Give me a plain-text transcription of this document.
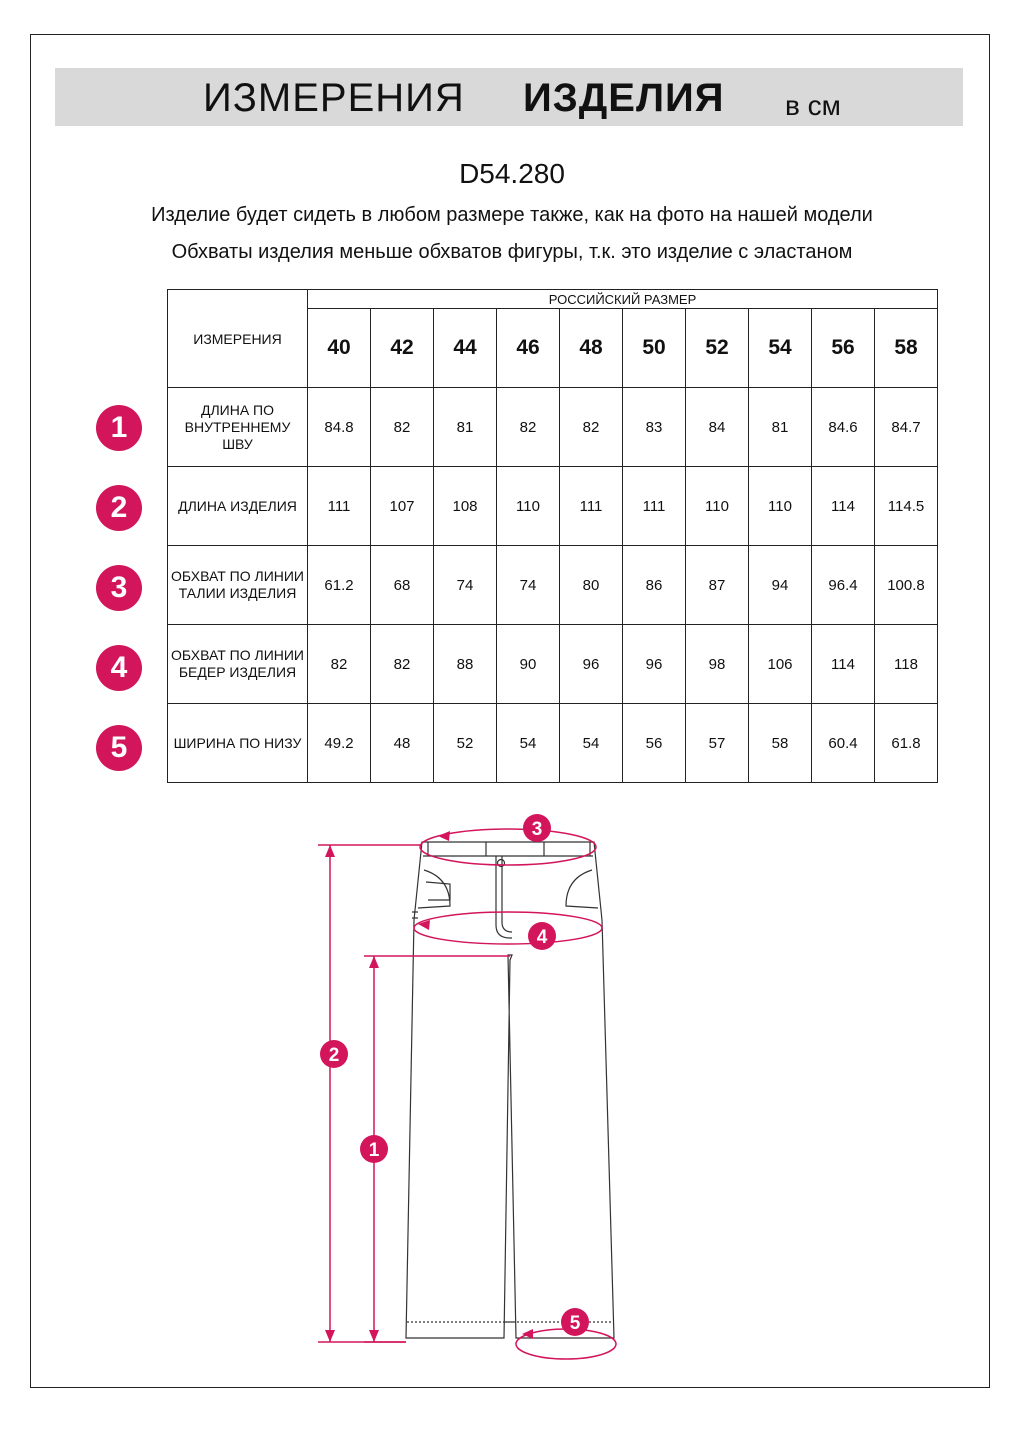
ИЗМЕРЕНИЯ ИЗДЕЛИЯ в см
D54.280
Изделие будет сидеть в любом размере также, как на фото на нашей модели
Обхваты изделия меньше обхватов фигуры, т.к. это изделие с эластаном
ИЗМЕРЕНИЯ	РОССИЙСКИЙ РАЗМЕР									
	40	42	44	46	48	50	52	54	56	58
ДЛИНА ПО ВНУТРЕННЕМУ ШВУ	84.8	82	81	82	82	83	84	81	84.6	84.7
ДЛИНА ИЗДЕЛИЯ	111	107	108	110	111	111	110	110	114	114.5
ОБХВАТ ПО ЛИНИИ ТАЛИИ ИЗДЕЛИЯ	61.2	68	74	74	80	86	87	94	96.4	100.8
ОБХВАТ ПО ЛИНИИ БЕДЕР ИЗДЕЛИЯ	82	82	88	90	96	96	98	106	114	118
ШИРИНА ПО НИЗУ	49.2	48	52	54	54	56	57	58	60.4	61.8
1
2
3
4
5
3
4
2
1
5
